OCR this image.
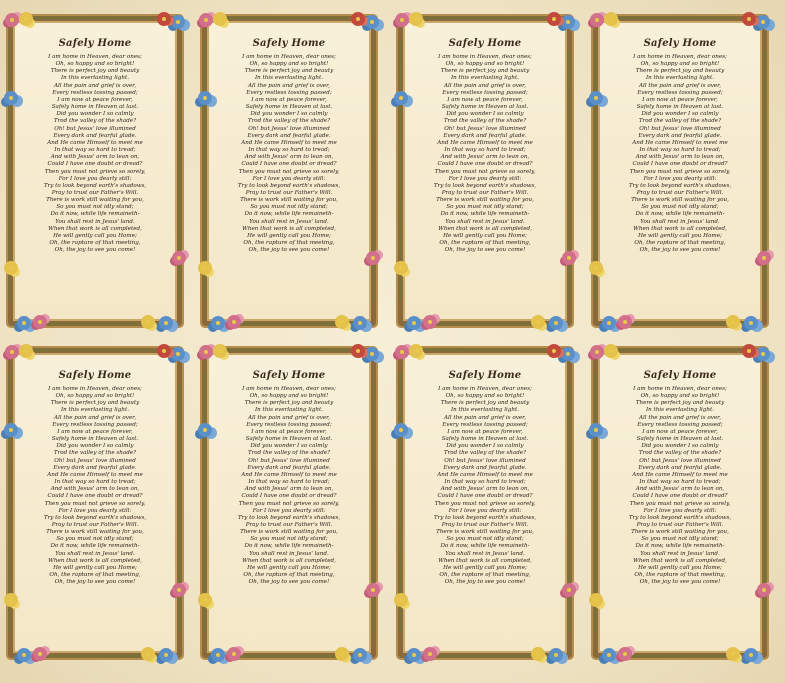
Safely Home
I am home in Heaven, dear ones;
Oh, so happy and so bright!
There is perfect joy and beauty
In this everlasting light.
All the pain and grief is over,
Every restless tossing passed;
I am now at peace forever,
Safely home in Heaven at last.
Did you wonder I so calmly
Trod the valley of the shade?
Oh! but Jesus' love illumined
Every dark and fearful glade.
And He came Himself to meet me
In that way so hard to tread;
And with Jesus' arm to lean on,
Could I have one doubt or dread?
Then you must not grieve so sorely,
For I love you dearly still:
Try to look beyond earth's shadows,
Pray to trust our Father's Will.
There is work still waiting for you,
So you must not idly stand;
Do it now, while life remaineth-
You shall rest in Jesus' land.
When that work is all completed,
He will gently call you Home;
Oh, the rapture of that meeting,
Oh, the joy to see you come!
Safely Home
I am home in Heaven, dear ones;
Oh, so happy and so bright!
There is perfect joy and beauty
In this everlasting light.
All the pain and grief is over,
Every restless tossing passed;
I am now at peace forever,
Safely home in Heaven at last.
Did you wonder I so calmly
Trod the valley of the shade?
Oh! but Jesus' love illumined
Every dark and fearful glade.
And He came Himself to meet me
In that way so hard to tread;
And with Jesus' arm to lean on,
Could I have one doubt or dread?
Then you must not grieve so sorely,
For I love you dearly still:
Try to look beyond earth's shadows,
Pray to trust our Father's Will.
There is work still waiting for you,
So you must not idly stand;
Do it now, while life remaineth-
You shall rest in Jesus' land.
When that work is all completed,
He will gently call you Home;
Oh, the rapture of that meeting,
Oh, the joy to see you come!
Safely Home
I am home in Heaven, dear ones;
Oh, so happy and so bright!
There is perfect joy and beauty
In this everlasting light.
All the pain and grief is over,
Every restless tossing passed;
I am now at peace forever,
Safely home in Heaven at last.
Did you wonder I so calmly
Trod the valley of the shade?
Oh! but Jesus' love illumined
Every dark and fearful glade.
And He came Himself to meet me
In that way so hard to tread;
And with Jesus' arm to lean on,
Could I have one doubt or dread?
Then you must not grieve so sorely,
For I love you dearly still:
Try to look beyond earth's shadows,
Pray to trust our Father's Will.
There is work still waiting for you,
So you must not idly stand;
Do it now, while life remaineth-
You shall rest in Jesus' land.
When that work is all completed,
He will gently call you Home;
Oh, the rapture of that meeting,
Oh, the joy to see you come!
Safely Home
I am home in Heaven, dear ones;
Oh, so happy and so bright!
There is perfect joy and beauty
In this everlasting light.
All the pain and grief is over,
Every restless tossing passed;
I am now at peace forever,
Safely home in Heaven at last.
Did you wonder I so calmly
Trod the valley of the shade?
Oh! but Jesus' love illumined
Every dark and fearful glade.
And He came Himself to meet me
In that way so hard to tread;
And with Jesus' arm to lean on,
Could I have one doubt or dread?
Then you must not grieve so sorely,
For I love you dearly still:
Try to look beyond earth's shadows,
Pray to trust our Father's Will.
There is work still waiting for you,
So you must not idly stand;
Do it now, while life remaineth-
You shall rest in Jesus' land.
When that work is all completed,
He will gently call you Home;
Oh, the rapture of that meeting,
Oh, the joy to see you come!
Safely Home
I am home in Heaven, dear ones;
Oh, so happy and so bright!
There is perfect joy and beauty
In this everlasting light.
All the pain and grief is over,
Every restless tossing passed;
I am now at peace forever,
Safely home in Heaven at last.
Did you wonder I so calmly
Trod the valley of the shade?
Oh! but Jesus' love illumined
Every dark and fearful glade.
And He came Himself to meet me
In that way so hard to tread;
And with Jesus' arm to lean on,
Could I have one doubt or dread?
Then you must not grieve so sorely,
For I love you dearly still:
Try to look beyond earth's shadows,
Pray to trust our Father's Will.
There is work still waiting for you,
So you must not idly stand;
Do it now, while life remaineth-
You shall rest in Jesus' land.
When that work is all completed,
He will gently call you Home;
Oh, the rapture of that meeting,
Oh, the joy to see you come!
Safely Home
I am home in Heaven, dear ones;
Oh, so happy and so bright!
There is perfect joy and beauty
In this everlasting light.
All the pain and grief is over,
Every restless tossing passed;
I am now at peace forever,
Safely home in Heaven at last.
Did you wonder I so calmly
Trod the valley of the shade?
Oh! but Jesus' love illumined
Every dark and fearful glade.
And He came Himself to meet me
In that way so hard to tread;
And with Jesus' arm to lean on,
Could I have one doubt or dread?
Then you must not grieve so sorely,
For I love you dearly still:
Try to look beyond earth's shadows,
Pray to trust our Father's Will.
There is work still waiting for you,
So you must not idly stand;
Do it now, while life remaineth-
You shall rest in Jesus' land.
When that work is all completed,
He will gently call you Home;
Oh, the rapture of that meeting,
Oh, the joy to see you come!
Safely Home
I am home in Heaven, dear ones;
Oh, so happy and so bright!
There is perfect joy and beauty
In this everlasting light.
All the pain and grief is over,
Every restless tossing passed;
I am now at peace forever,
Safely home in Heaven at last.
Did you wonder I so calmly
Trod the valley of the shade?
Oh! but Jesus' love illumined
Every dark and fearful glade.
And He came Himself to meet me
In that way so hard to tread;
And with Jesus' arm to lean on,
Could I have one doubt or dread?
Then you must not grieve so sorely,
For I love you dearly still:
Try to look beyond earth's shadows,
Pray to trust our Father's Will.
There is work still waiting for you,
So you must not idly stand;
Do it now, while life remaineth-
You shall rest in Jesus' land.
When that work is all completed,
He will gently call you Home;
Oh, the rapture of that meeting,
Oh, the joy to see you come!
Safely Home
I am home in Heaven, dear ones;
Oh, so happy and so bright!
There is perfect joy and beauty
In this everlasting light.
All the pain and grief is over,
Every restless tossing passed;
I am now at peace forever,
Safely home in Heaven at last.
Did you wonder I so calmly
Trod the valley of the shade?
Oh! but Jesus' love illumined
Every dark and fearful glade.
And He came Himself to meet me
In that way so hard to tread;
And with Jesus' arm to lean on,
Could I have one doubt or dread?
Then you must not grieve so sorely,
For I love you dearly still:
Try to look beyond earth's shadows,
Pray to trust our Father's Will.
There is work still waiting for you,
So you must not idly stand;
Do it now, while life remaineth-
You shall rest in Jesus' land.
When that work is all completed,
He will gently call you Home;
Oh, the rapture of that meeting,
Oh, the joy to see you come!
